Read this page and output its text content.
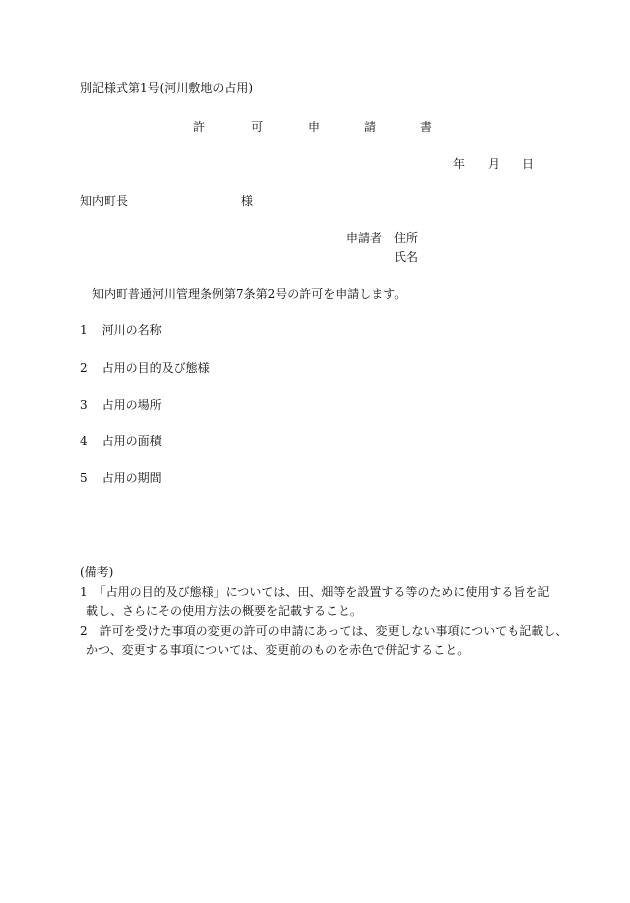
別記様式第1号(河川敷地の占用)
許	可	申	請	書
年 月 日
知内町長	様
申請者 住所
氏名
知内町普通河川管理条例第7条第2号の許可を申請します。
1 河川の名称
2 占用の目的及び態様
3 占用の場所
4 占用の面積
5 占用の期間
(備考)
1　「占用の目的及び態様」については、田、畑等を設置する等のために使用する旨を記
載し、さらにその使用方法の概要を記載すること。
2　許可を受けた事項の変更の許可の申請にあっては、変更しない事項についても記載し、
かつ、変更する事項については、変更前のものを赤色で併記すること。
